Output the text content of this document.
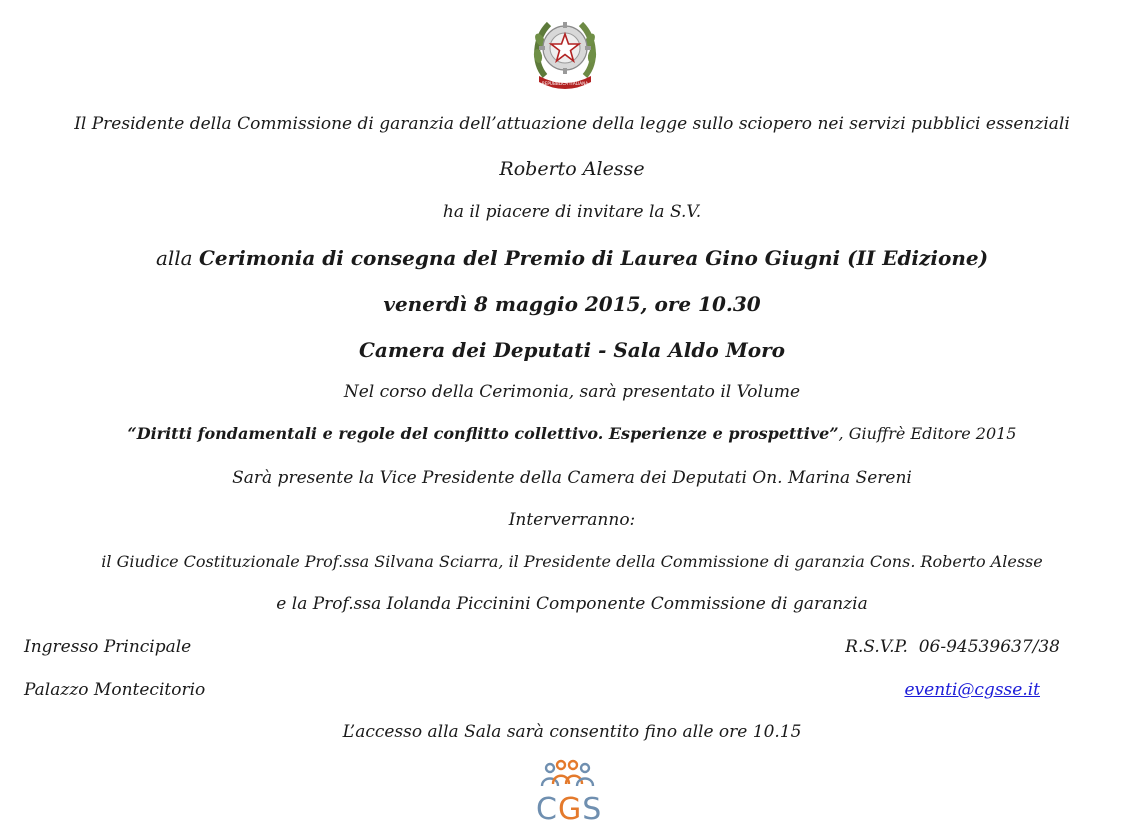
REPUBBLICA ITALIANA
Il Presidente della Commissione di garanzia dell’attuazione della legge sullo sciopero nei servizi pubblici essenziali
Roberto Alesse
ha il piacere di invitare la S.V.
alla Cerimonia di consegna del Premio di Laurea Gino Giugni (II Edizione)
venerdì 8 maggio 2015, ore 10.30
Camera dei Deputati - Sala Aldo Moro
Nel corso della Cerimonia, sarà presentato il Volume
“Diritti fondamentali e regole del conflitto collettivo. Esperienze e prospettive”, Giuffrè Editore 2015
Sarà presente la Vice Presidente della Camera dei Deputati On. Marina Sereni
Interverranno:
il Giudice Costituzionale Prof.ssa Silvana Sciarra, il Presidente della Commissione di garanzia Cons. Roberto Alesse
e la Prof.ssa Iolanda Piccinini Componente Commissione di garanzia
Ingresso Principale
Palazzo Montecitorio
R.S.V.P.  06-94539637/38
eventi@cgsse.it
L’accesso alla Sala sarà consentito fino alle ore 10.15
CGS
